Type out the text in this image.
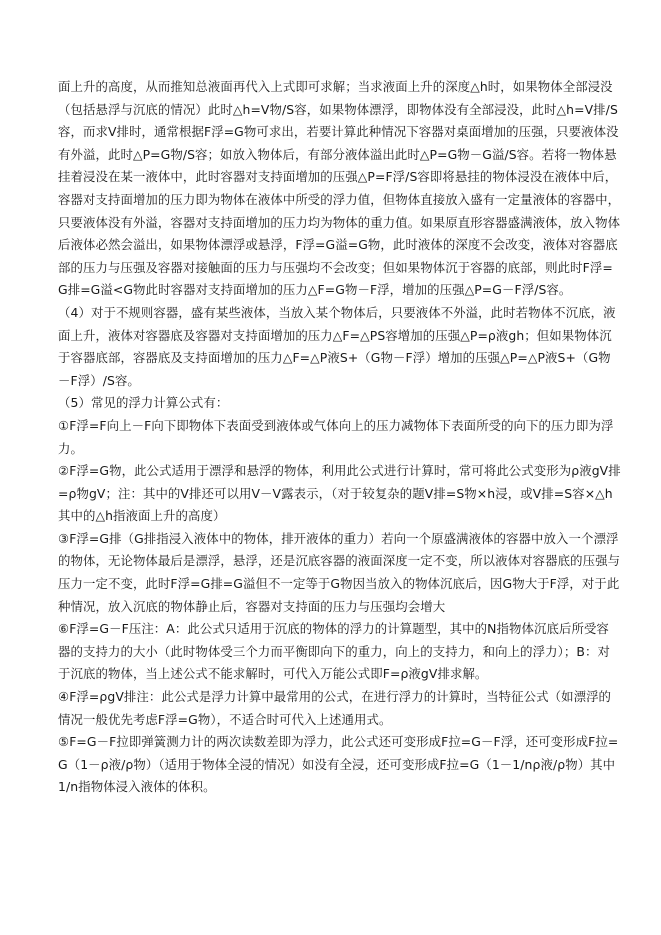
面上升的高度，从而推知总液面再代入上式即可求解；当求液面上升的深度△h时，如果物体全部浸没（包括悬浮与沉底的情况）此时△h=V物/S容，如果物体漂浮，即物体没有全部浸没，此时△h=V排/S容，而求V排时，通常根据F浮=G物可求出，若要计算此种情况下容器对桌面增加的压强，只要液体没有外溢，此时△P=G物/S容；如放入物体后，有部分液体溢出此时△P=G物－G溢/S容。若将一物体悬挂着浸没在某一液体中，此时容器对支持面增加的压强△P=F浮/S容即将悬挂的物体浸没在液体中后，容器对支持面增加的压力即为物体在液体中所受的浮力值，但物体直接放入盛有一定量液体的容器中，只要液体没有外溢，容器对支持面增加的压力均为物体的重力值。如果原直形容器盛满液体，放入物体后液体必然会溢出，如果物体漂浮或悬浮，F浮=G溢=G物，此时液体的深度不会改变，液体对容器底部的压力与压强及容器对接触面的压力与压强均不会改变；但如果物体沉于容器的底部，则此时F浮=G排=G溢<G物此时容器对支持面增加的压力△F=G物－F浮，增加的压强△P=G－F浮/S容。

（4）对于不规则容器，盛有某些液体，当放入某个物体后，只要液体不外溢，此时若物体不沉底，液面上升，液体对容器底及容器对支持面增加的压力△F=△PS容增加的压强△P=ρ液gh；但如果物体沉于容器底部，容器底及支持面增加的压力△F=△P液S+（G物－F浮）增加的压强△P=△P液S+（G物－F浮）/S容。

（5）常见的浮力计算公式有：

①F浮=F向上－F向下即物体下表面受到液体或气体向上的压力减物体下表面所受的向下的压力即为浮力。

②F浮=G物，此公式适用于漂浮和悬浮的物体，利用此公式进行计算时，常可将此公式变形为ρ液gV排=ρ物gV；注：其中的V排还可以用V－V露表示，（对于较复杂的题V排=S物×h浸，或V排=S容×△h其中的△h指液面上升的高度）

③F浮=G排（G排指浸入液体中的物体，排开液体的重力）若向一个原盛满液体的容器中放入一个漂浮的物体，无论物体最后是漂浮，悬浮，还是沉底容器的液面深度一定不变，所以液体对容器底的压强与压力一定不变，此时F浮=G排=G溢但不一定等于G物因当放入的物体沉底后，因G物大于F浮，对于此种情况，放入沉底的物体静止后，容器对支持面的压力与压强均会增大

⑥F浮=G－F压注：A：此公式只适用于沉底的物体的浮力的计算题型，其中的N指物体沉底后所受容器的支持力的大小（此时物体受三个力而平衡即向下的重力，向上的支持力，和向上的浮力）；B：对于沉底的物体，当上述公式不能求解时，可代入万能公式即F=ρ液gV排求解。

④F浮=ρgV排注：此公式是浮力计算中最常用的公式，在进行浮力的计算时，当特征公式（如漂浮的情况一般优先考虑F浮=G物），不适合时可代入上述通用式。

⑤F=G－F拉即弹簧测力计的两次读数差即为浮力，此公式还可变形成F拉=G－F浮，还可变形成F拉=G（1－ρ液/ρ物）（适用于物体全浸的情况）如没有全浸，还可变形成F拉=G（1－1/nρ液/ρ物）其中1/n指物体浸入液体的体积。
